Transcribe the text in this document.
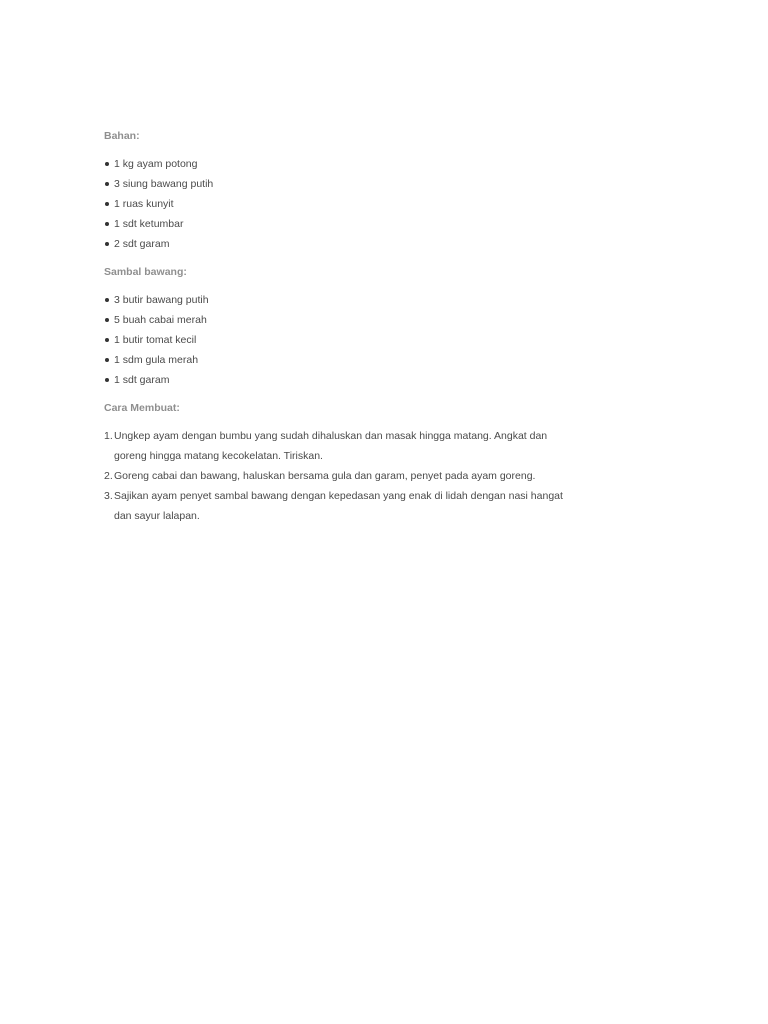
Bahan:

1 kg ayam potong
3 siung bawang putih
1 ruas kunyit
1 sdt ketumbar
2 sdt garam

Sambal bawang:

3 butir bawang putih
5 buah cabai merah
1 butir tomat kecil
1 sdm gula merah
1 sdt garam

Cara Membuat:

1. Ungkep ayam dengan bumbu yang sudah dihaluskan dan masak hingga matang. Angkat dan goreng hingga matang kecokelatan. Tiriskan.
2. Goreng cabai dan bawang, haluskan bersama gula dan garam, penyet pada ayam goreng.
3. Sajikan ayam penyet sambal bawang dengan kepedasan yang enak di lidah dengan nasi hangat dan sayur lalapan.
